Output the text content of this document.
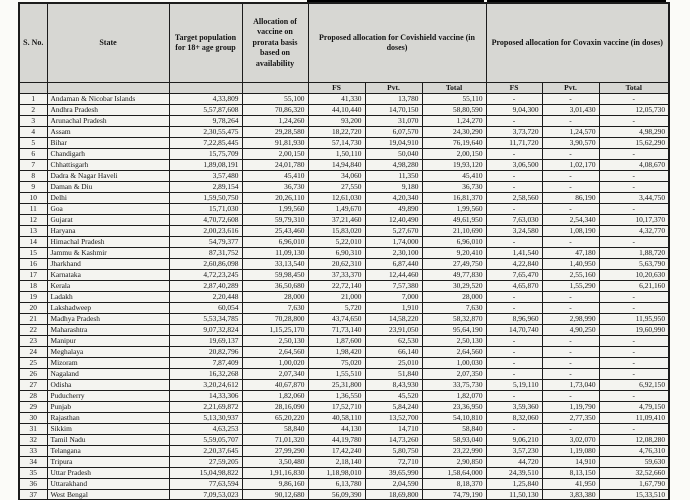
S. No.	State	Target population for 18+ age group	Allocation of vaccine on prorata basis based on availability	Proposed allocation for Covishield vaccine (in doses)			Proposed allocation for Covaxin vaccine (in doses)		
				FS	Pvt.	Total	FS	Pvt.	Total
1	Andaman & Nicobar Islands	4,33,809	55,100	41,330	13,780	55,110	-	-	-
2	Andhra Pradesh	5,57,87,608	70,86,320	44,10,440	14,70,150	58,80,590	9,04,300	3,01,430	12,05,730
3	Arunachal Pradesh	9,78,264	1,24,260	93,200	31,070	1,24,270	-	-	-
4	Assam	2,30,55,475	29,28,580	18,22,720	6,07,570	24,30,290	3,73,720	1,24,570	4,98,290
5	Bihar	7,22,85,445	91,81,930	57,14,730	19,04,910	76,19,640	11,71,720	3,90,570	15,62,290
6	Chandigarh	15,75,709	2,00,150	1,50,110	50,040	2,00,150	-	-	-
7	Chhattisgarh	1,89,08,191	24,01,780	14,94,840	4,98,280	19,93,120	3,06,500	1,02,170	4,08,670
8	Dadra & Nagar Haveli	3,57,480	45,410	34,060	11,350	45,410	-	-	-
9	Daman & Diu	2,89,154	36,730	27,550	9,180	36,730	-	-	-
10	Delhi	1,59,50,750	20,26,110	12,61,030	4,20,340	16,81,370	2,58,560	86,190	3,44,750
11	Goa	15,71,030	1,99,560	1,49,670	49,890	1,99,560	-	-	-
12	Gujarat	4,70,72,608	59,79,310	37,21,460	12,40,490	49,61,950	7,63,030	2,54,340	10,17,370
13	Haryana	2,00,23,616	25,43,460	15,83,020	5,27,670	21,10,690	3,24,580	1,08,190	4,32,770
14	Himachal Pradesh	54,79,377	6,96,010	5,22,010	1,74,000	6,96,010	-	-	-
15	Jammu & Kashmir	87,31,752	11,09,130	6,90,310	2,30,100	9,20,410	1,41,540	47,180	1,88,720
16	Jharkhand	2,60,86,098	33,13,540	20,62,310	6,87,440	27,49,750	4,22,840	1,40,950	5,63,790
17	Karnataka	4,72,23,245	59,98,450	37,33,370	12,44,460	49,77,830	7,65,470	2,55,160	10,20,630
18	Kerala	2,87,40,289	36,50,680	22,72,140	7,57,380	30,29,520	4,65,870	1,55,290	6,21,160
19	Ladakh	2,20,448	28,000	21,000	7,000	28,000	-	-	-
20	Lakshadweep	60,054	7,630	5,720	1,910	7,630	-	-	-
21	Madhya Pradesh	5,53,34,785	70,28,800	43,74,650	14,58,220	58,32,870	8,96,960	2,98,990	11,95,950
22	Maharashtra	9,07,32,824	1,15,25,170	71,73,140	23,91,050	95,64,190	14,70,740	4,90,250	19,60,990
23	Manipur	19,69,137	2,50,130	1,87,600	62,530	2,50,130	-	-	-
24	Meghalaya	20,82,796	2,64,560	1,98,420	66,140	2,64,560	-	-	-
25	Mizoram	7,87,409	1,00,020	75,020	25,010	1,00,030	-	-	-
26	Nagaland	16,32,268	2,07,340	1,55,510	51,840	2,07,350	-	-	-
27	Odisha	3,20,24,612	40,67,870	25,31,800	8,43,930	33,75,730	5,19,110	1,73,040	6,92,150
28	Puducherry	14,33,306	1,82,060	1,36,550	45,520	1,82,070	-	-	-
29	Punjab	2,21,69,872	28,16,090	17,52,710	5,84,240	23,36,950	3,59,360	1,19,790	4,79,150
30	Rajasthan	5,13,30,937	65,20,220	40,58,110	13,52,700	54,10,810	8,32,060	2,77,350	11,09,410
31	Sikkim	4,63,253	58,840	44,130	14,710	58,840	-	-	-
32	Tamil Nadu	5,59,05,707	71,01,320	44,19,780	14,73,260	58,93,040	9,06,210	3,02,070	12,08,280
33	Telangana	2,20,37,645	27,99,290	17,42,240	5,80,750	23,22,990	3,57,230	1,19,080	4,76,310
34	Tripura	27,59,205	3,50,480	2,18,140	72,710	2,90,850	44,720	14,910	59,630
35	Uttar Pradesh	15,04,98,822	1,91,16,830	1,18,98,010	39,65,990	1,58,64,000	24,39,510	8,13,150	32,52,660
36	Uttarakhand	77,63,594	9,86,160	6,13,780	2,04,590	8,18,370	1,25,840	41,950	1,67,790
37	West Bengal	7,09,53,023	90,12,680	56,09,390	18,69,800	74,79,190	11,50,130	3,83,380	15,33,510
